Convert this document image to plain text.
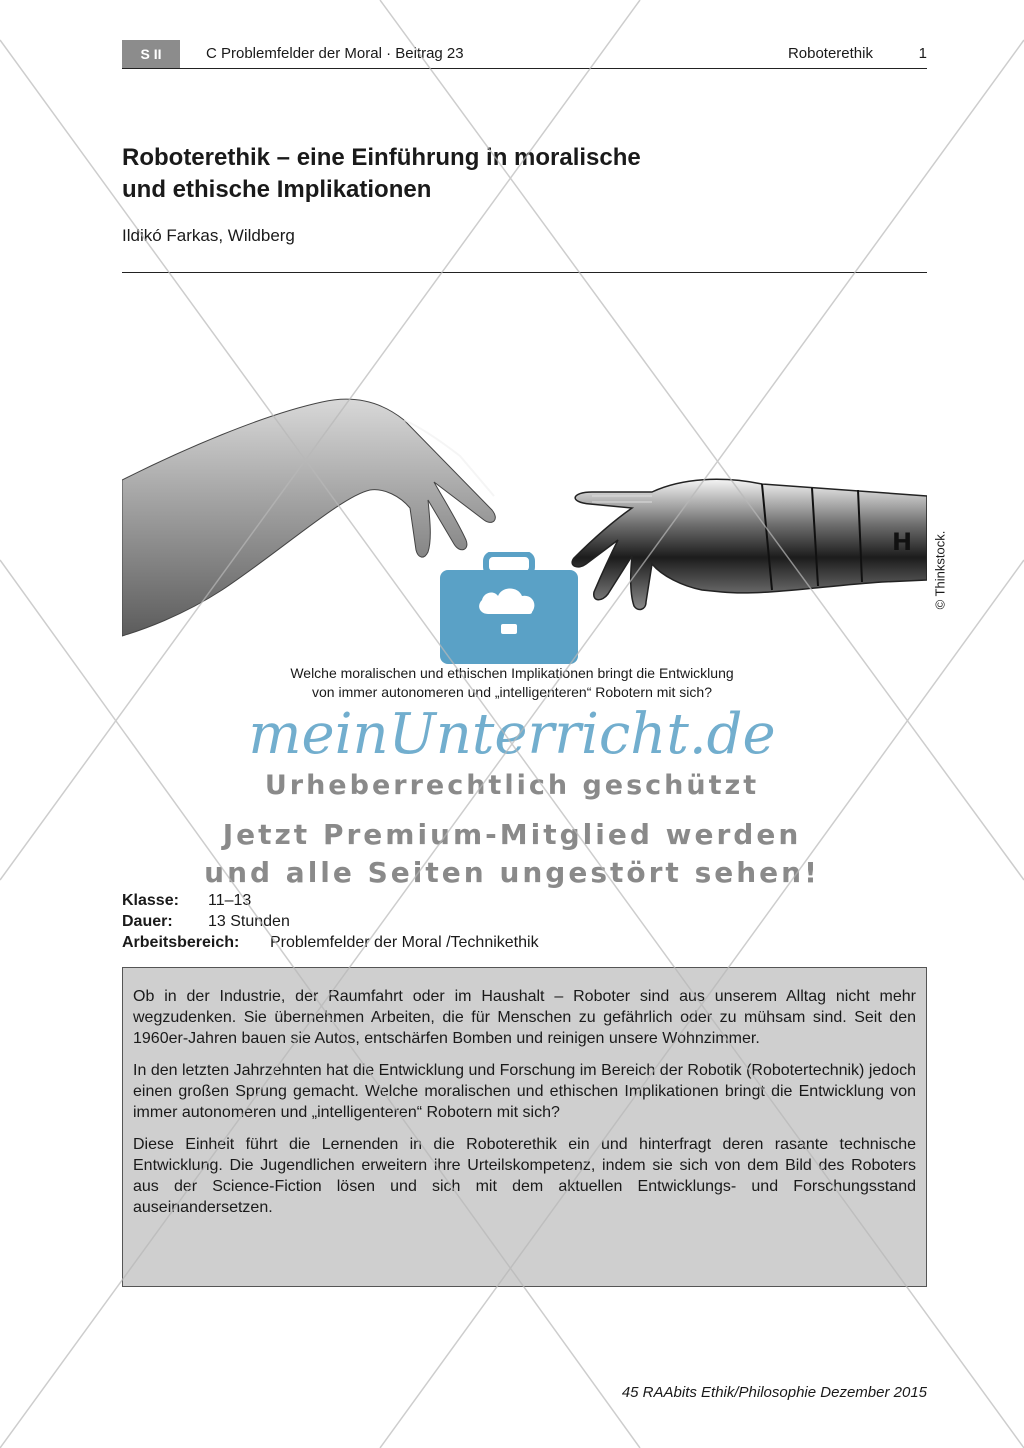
S II	C Problemfelder der Moral · Beitrag 23	Roboterethik	1
Roboterethik – eine Einführung in moralische
und ethische Implikationen
Ildikó Farkas, Wildberg
H © Thinkstock.
Welche moralischen und ethischen Implikationen bringt die Entwicklung
von immer autonomeren und „intelligenteren“ Robotern mit sich?
meinUnterricht.de
Urheberrechtlich geschützt
Jetzt Premium-Mitglied werden
und alle Seiten ungestört sehen!
Klasse: 11–13
Dauer: 13 Stunden
Arbeitsbereich: Problemfelder der Moral /Technikethik

Ob in der Industrie, der Raumfahrt oder im Haushalt – Roboter sind aus unserem Alltag nicht mehr wegzudenken. Sie übernehmen Arbeiten, die für Menschen zu gefährlich oder zu mühsam sind. Seit den 1960er-Jahren bauen sie Autos, entschärfen Bomben und reinigen unsere Wohnzimmer.

In den letzten Jahrzehnten hat die Entwicklung und Forschung im Bereich der Robotik (Robotertechnik) jedoch einen großen Sprung gemacht. Welche moralischen und ethischen Implikationen bringt die Entwicklung von immer autonomeren und „intelligenteren“ Robotern mit sich?

Diese Einheit führt die Lernenden in die Roboterethik ein und hinterfragt deren rasante technische Entwicklung. Die Jugendlichen erweitern ihre Urteilskompetenz, indem sie sich von dem Bild des Roboters aus der Science-Fiction lösen und sich mit dem aktuellen Entwicklungs- und Forschungsstand auseinandersetzen.

45 RAAbits Ethik/Philosophie Dezember 2015
